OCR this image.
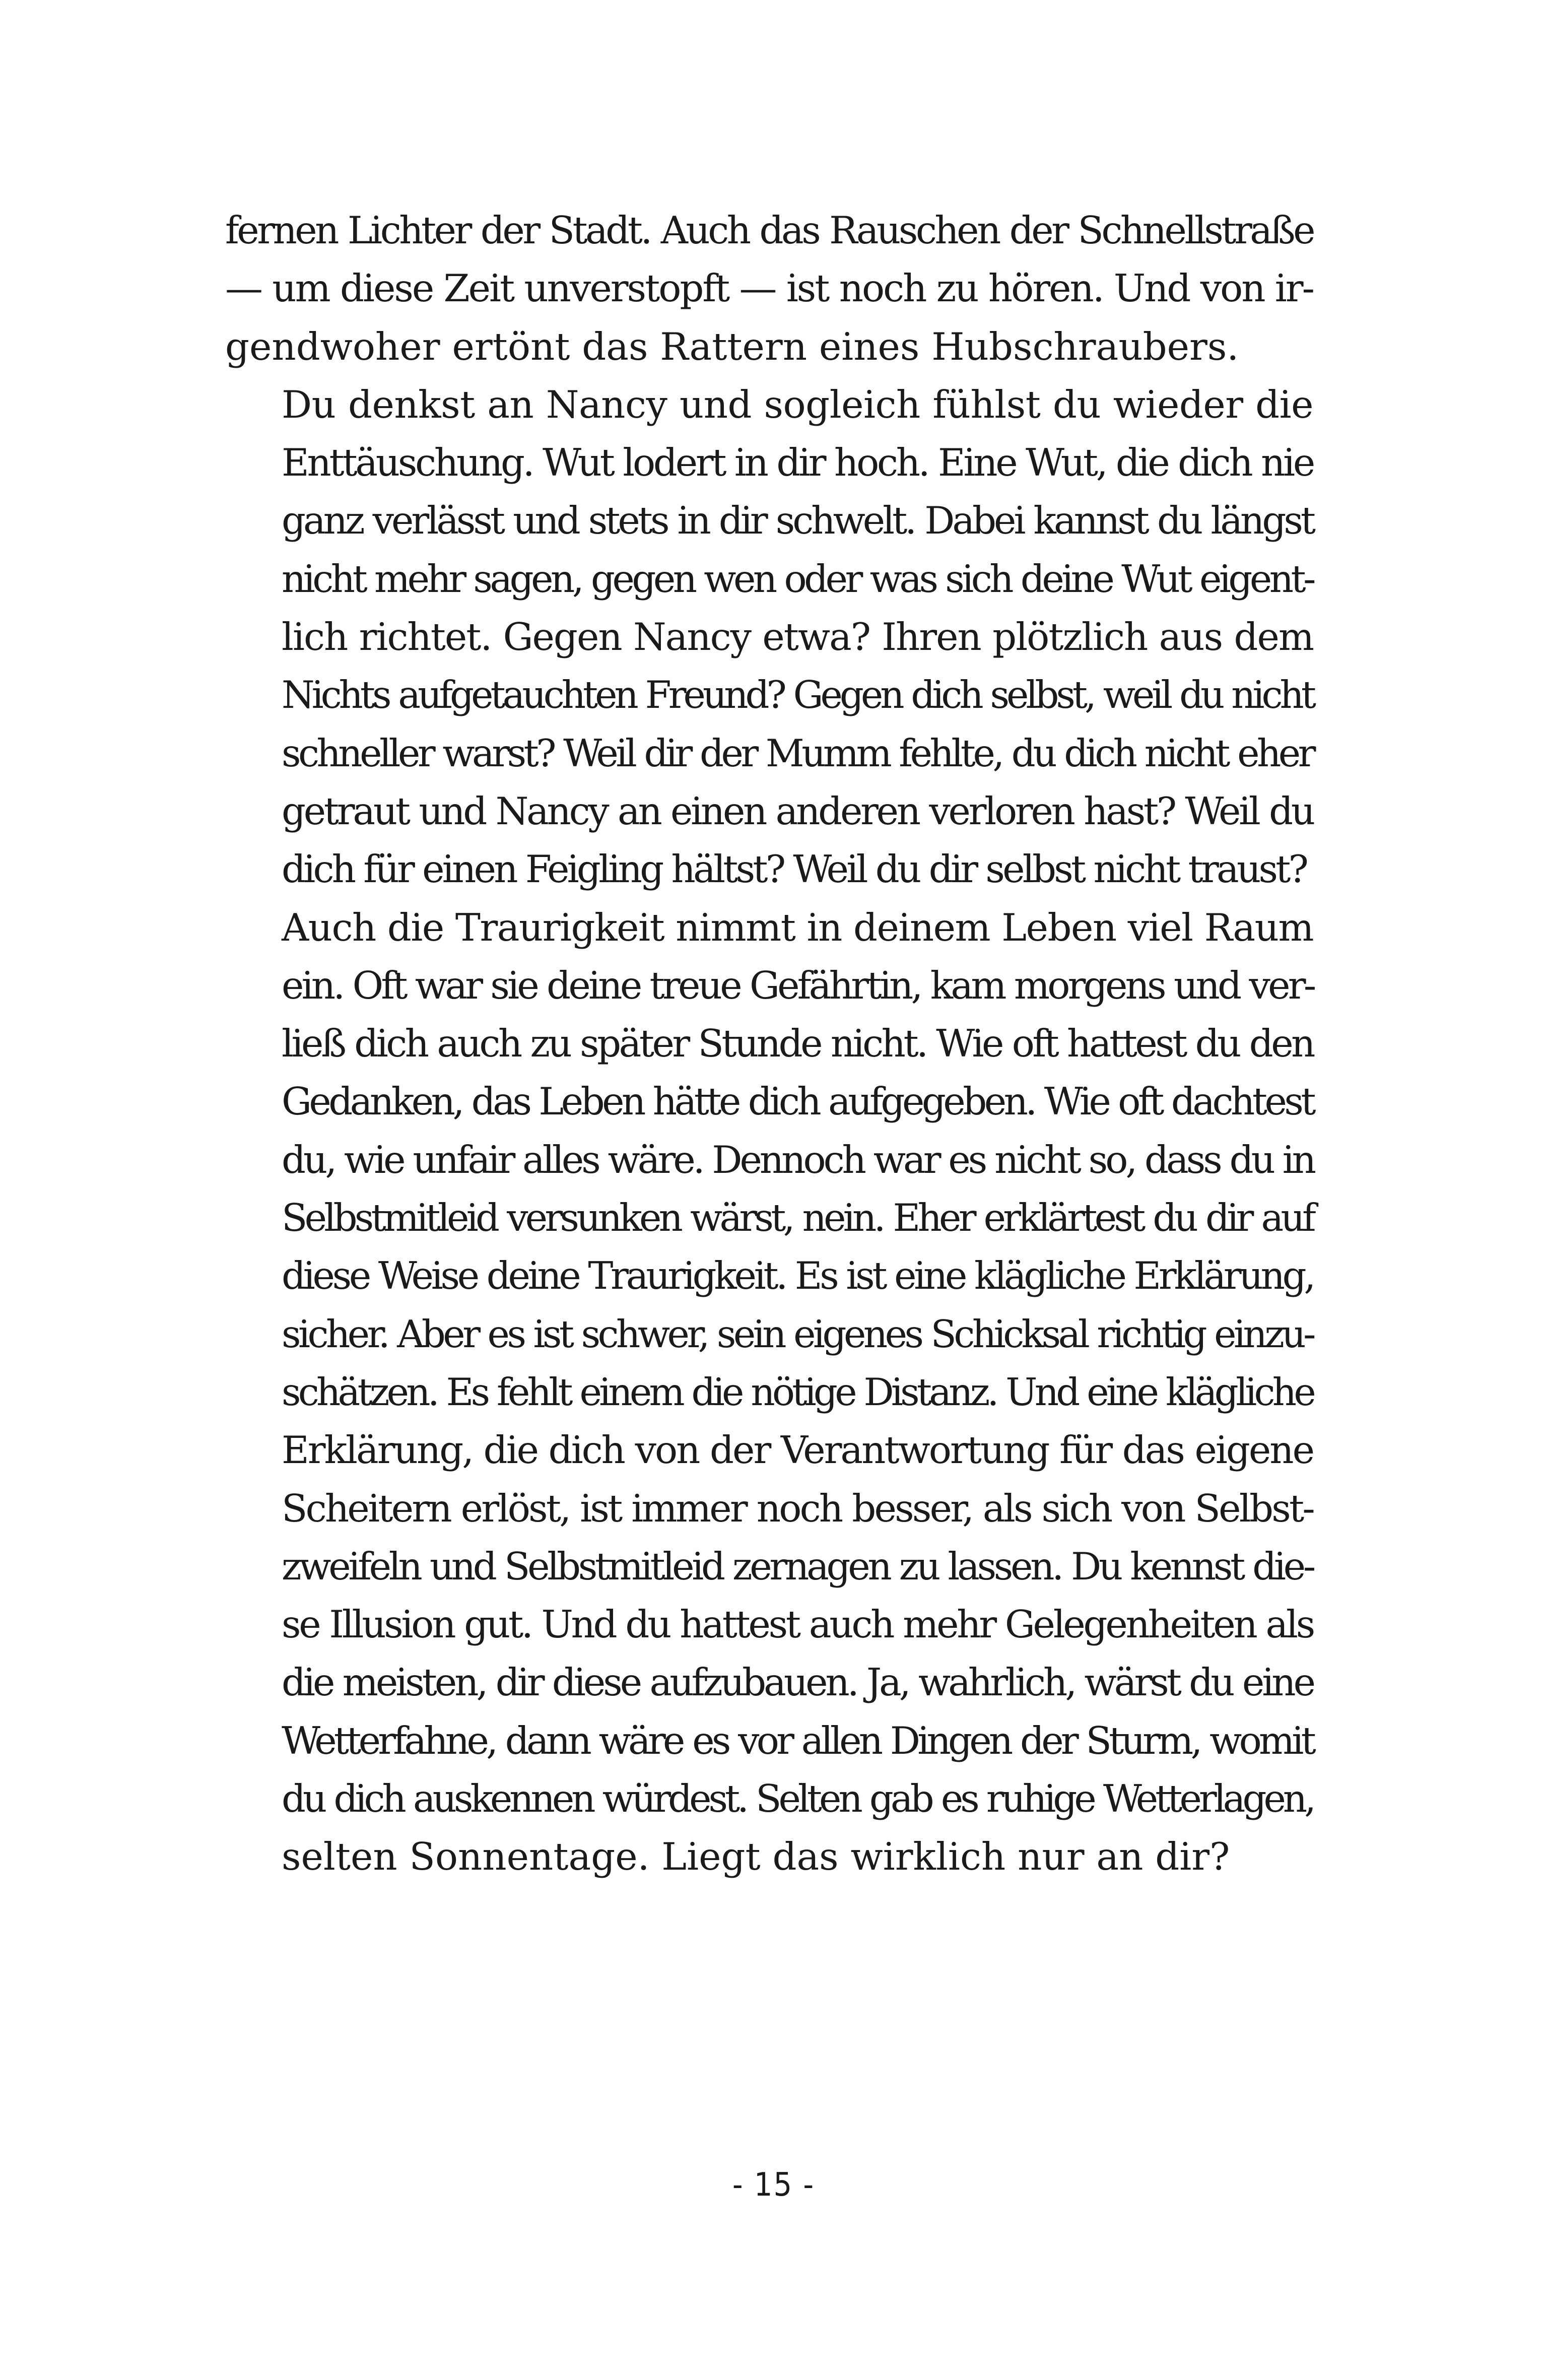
fernen Lichter der Stadt. Auch das Rauschen der Schnellstraße
— um diese Zeit unverstopft — ist noch zu hören. Und von ir-
gendwoher ertönt das Rattern eines Hubschraubers.

Du denkst an Nancy und sogleich fühlst du wieder die
Enttäuschung. Wut lodert in dir hoch. Eine Wut, die dich nie
ganz verlässt und stets in dir schwelt. Dabei kannst du längst
nicht mehr sagen, gegen wen oder was sich deine Wut eigent-
lich richtet. Gegen Nancy etwa? Ihren plötzlich aus dem
Nichts aufgetauchten Freund? Gegen dich selbst, weil du nicht
schneller warst? Weil dir der Mumm fehlte, du dich nicht eher
getraut und Nancy an einen anderen verloren hast? Weil du
dich für einen Feigling hältst? Weil du dir selbst nicht traust?

Auch die Traurigkeit nimmt in deinem Leben viel Raum
ein. Oft war sie deine treue Gefährtin, kam morgens und ver-
ließ dich auch zu später Stunde nicht. Wie oft hattest du den
Gedanken, das Leben hätte dich aufgegeben. Wie oft dachtest
du, wie unfair alles wäre. Dennoch war es nicht so, dass du in
Selbstmitleid versunken wärst, nein. Eher erklärtest du dir auf
diese Weise deine Traurigkeit. Es ist eine klägliche Erklärung,
sicher. Aber es ist schwer, sein eigenes Schicksal richtig einzu-
schätzen. Es fehlt einem die nötige Distanz. Und eine klägliche
Erklärung, die dich von der Verantwortung für das eigene
Scheitern erlöst, ist immer noch besser, als sich von Selbst-
zweifeln und Selbstmitleid zernagen zu lassen. Du kennst die-
se Illusion gut. Und du hattest auch mehr Gelegenheiten als
die meisten, dir diese aufzubauen. Ja, wahrlich, wärst du eine
Wetterfahne, dann wäre es vor allen Dingen der Sturm, womit
du dich auskennen würdest. Selten gab es ruhige Wetterlagen,
selten Sonnentage. Liegt das wirklich nur an dir?

- 15 -
